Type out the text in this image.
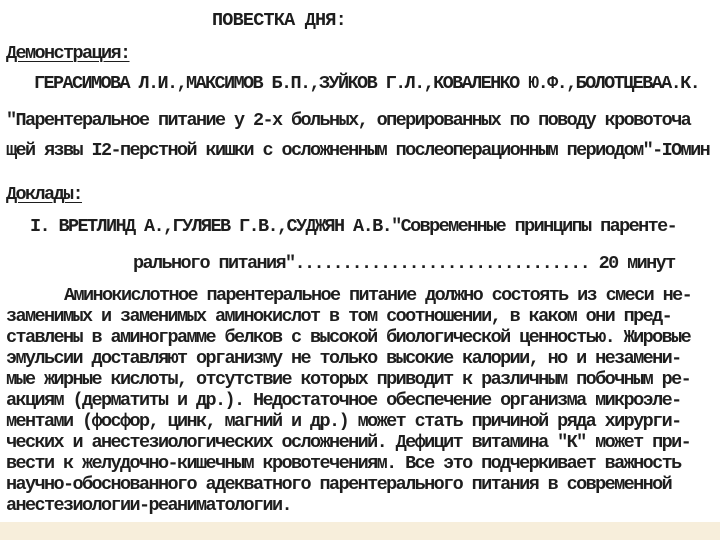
ПОВЕСТКА ДНЯ:

Демонстрация:

ГЕРАСИМОВА Л.И.,МАКСИМОВ Б.П.,ЗУЙКОВ Г.Л.,КОВАЛЕНКО Ю.Ф.,БОЛОТЦЕВАА.К.

"Парентеральное питание у 2-х больных, оперированных по поводу кровоточа

щей язвы I2-перстной кишки с осложненным послеоперационным периодом"-IOмин

Доклады:

I. ВРЕТЛИНД А.,ГУЛЯЕВ Г.В.,СУДЖЯН А.В."Современные принципы паренте-

рального питания"............................... 20 минут

Аминокислотное парентеральное питание должно состоять из смеси не-

заменимых и заменимых аминокислот в том соотношении, в каком они пред-

ставлены в аминограмме белков с высокой биологической ценностью. Жировые

эмульсии доставляют организму не только высокие калории, но и незамени-

мые жирные кислоты, отсутствие которых приводит к различным побочным ре-

акциям (дерматиты и др.). Недостаточное обеспечение организма микроэле-

ментами (фосфор, цинк, магний и др.) может стать причиной ряда хирурги-

ческих и анестезиологических осложнений. Дефицит витамина "К" может при-

вести к желудочно-кишечным кровотечениям. Все это подчеркивает важность

научно-обоснованного адекватного парентерального питания в современной

анестезиологии-реаниматологии.
